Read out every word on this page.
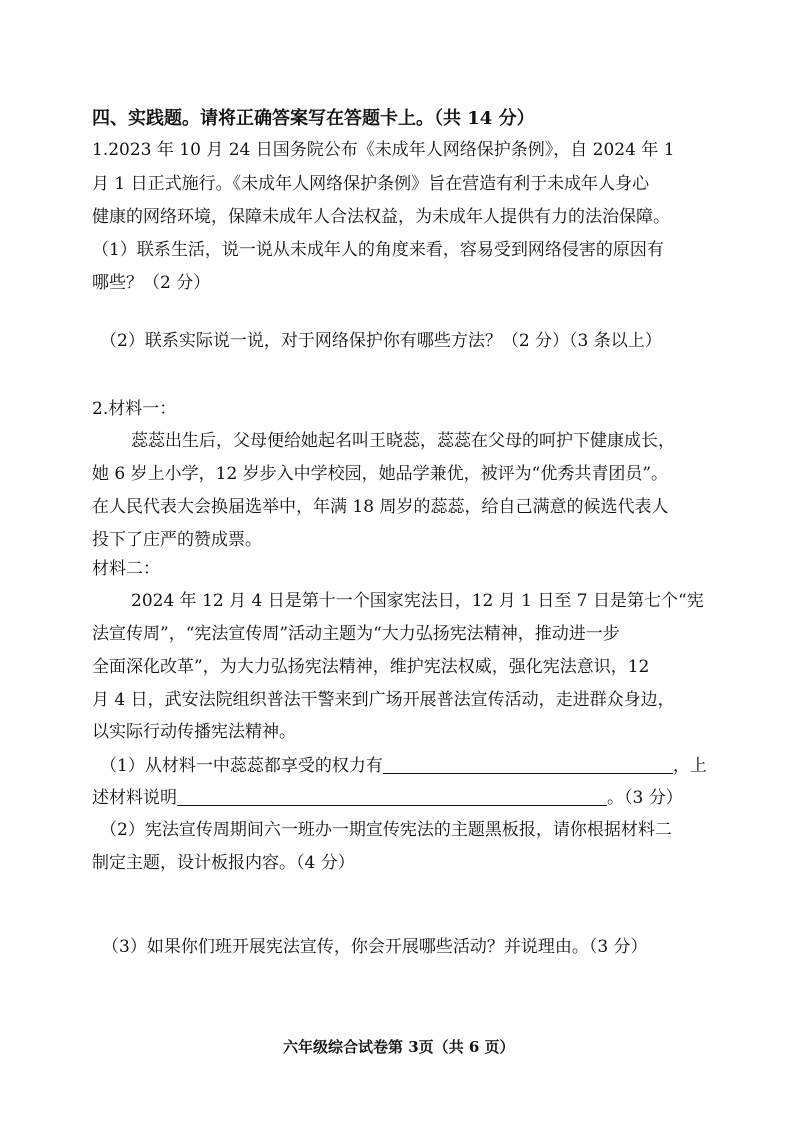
四、实践题。请将正确答案写在答题卡上。（共 14 分）
1.2023 年 10 月 24 日国务院公布《未成年人网络保护条例》，自 2024 年 1
月 1 日正式施行。《未成年人网络保护条例》旨在营造有利于未成年人身心
健康的网络环境，保障未成年人合法权益，为未成年人提供有力的法治保障。
（1）联系生活，说一说从未成年人的角度来看，容易受到网络侵害的原因有
哪些？（2 分）
（2）联系实际说一说，对于网络保护你有哪些方法？（2 分）（3 条以上）
2.材料一：
蕊蕊出生后，父母便给她起名叫王晓蕊，蕊蕊在父母的呵护下健康成长，
她 6 岁上小学，12 岁步入中学校园，她品学兼优，被评为“优秀共青团员”。
在人民代表大会换届选举中，年满 18 周岁的蕊蕊，给自己满意的候选代表人
投下了庄严的赞成票。
材料二：
2024 年 12 月 4 日是第十一个国家宪法日，12 月 1 日至 7 日是第七个“宪
法宣传周”，“宪法宣传周”活动主题为“大力弘扬宪法精神，推动进一步
全面深化改革”，为大力弘扬宪法精神，维护宪法权威，强化宪法意识，12
月 4 日，武安法院组织普法干警来到广场开展普法宣传活动，走进群众身边，
以实际行动传播宪法精神。
（1）从材料一中蕊蕊都享受的权力有	，上
述材料说明	。（3 分）
（2）宪法宣传周期间六一班办一期宣传宪法的主题黑板报，请你根据材料二
制定主题，设计板报内容。（4 分）
（3）如果你们班开展宪法宣传，你会开展哪些活动？并说理由。（3 分）
六年级综合试卷第 3页（共 6 页）
